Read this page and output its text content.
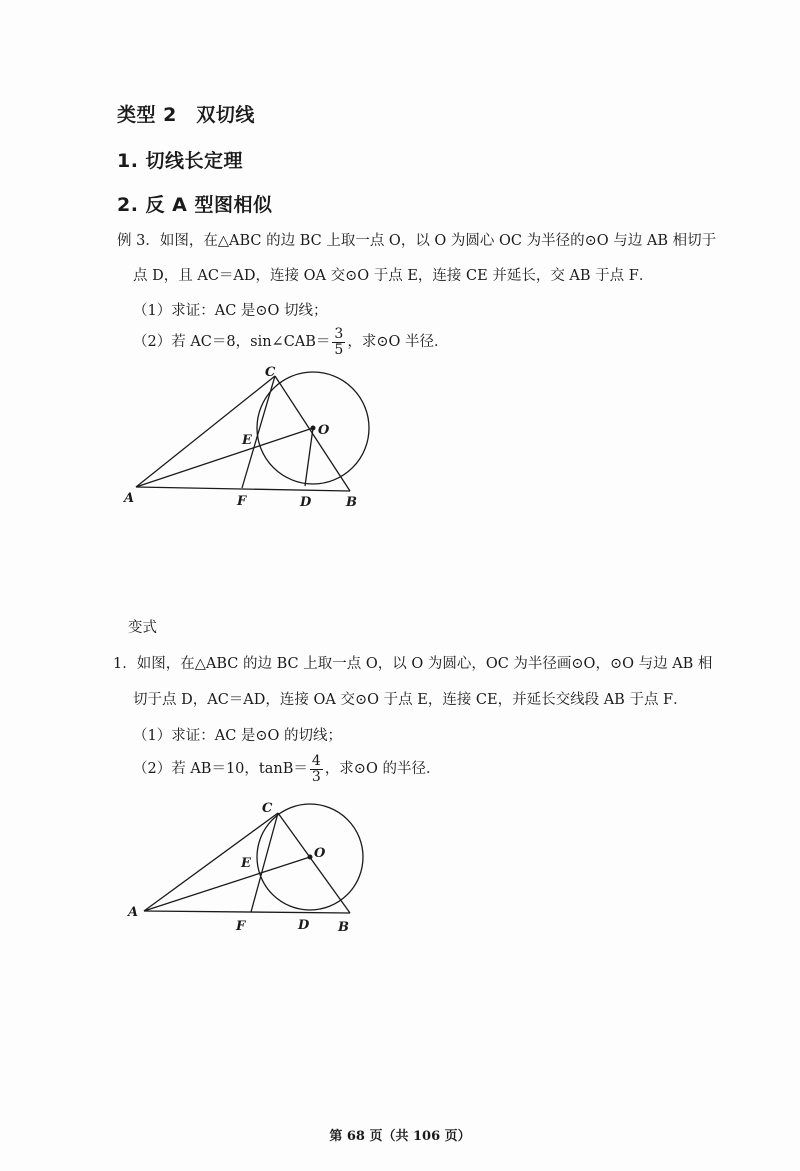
类型 2　双切线
1. 切线长定理
2. 反 A 型图相似
例 3．如图，在△ABC 的边 BC 上取一点 O，以 O 为圆心 OC 为半径的⊙O 与边 AB 相切于
点 D，且 AC＝AD，连接 OA 交⊙O 于点 E，连接 CE 并延长，交 AB 于点 F．
（1）求证：AC 是⊙O 切线；
（2）若 AC＝8，sin∠CAB＝ $\frac{3}{5}$ ，求⊙O 半径．
A	B
C
D
E
F
O
变式
1．如图，在△ABC 的边 BC 上取一点 O，以 O 为圆心，OC 为半径画⊙O，⊙O 与边 AB 相
切于点 D，AC＝AD，连接 OA 交⊙O 于点 E，连接 CE，并延长交线段 AB 于点 F．
（1）求证：AC 是⊙O 的切线；
（2）若 AB＝10，$\tan B= \frac{4}{3}$ ，求⊙O 的半径．
A
B
C
D
E
F
O
第 68 页（共 106 页）
